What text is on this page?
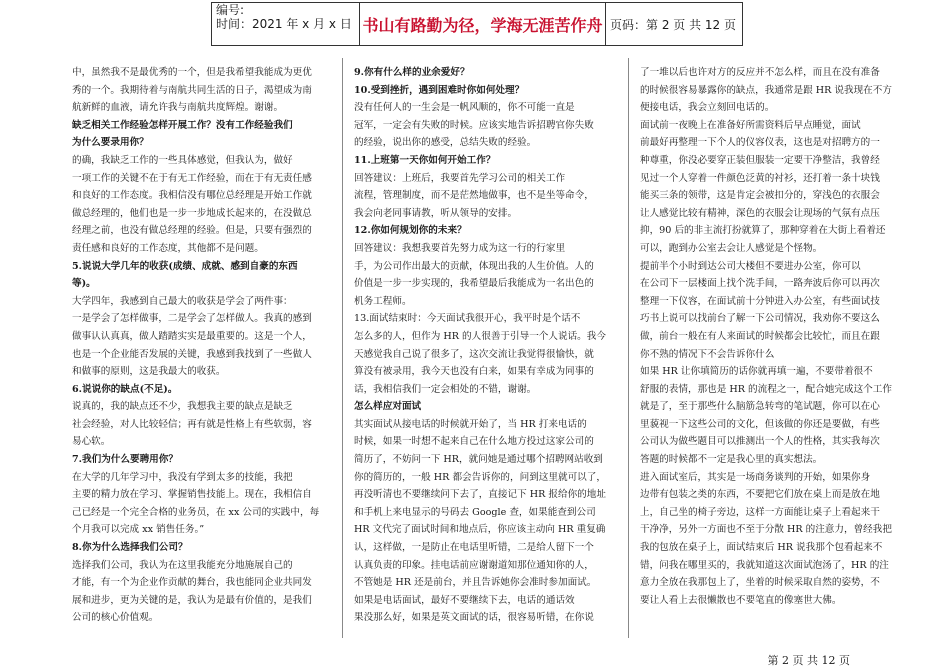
编号:
时间：2021 年 x 月 x 日 书山有路勤为径，学海无涯苦作舟 页码：第 2 页 共 12 页

中，虽然我不是最优秀的一个，但是我希望我能成为更优

秀的一个。我期待着与南航共同生活的日子，渴望成为南

航新鲜的血液，请允许我与南航共度辉煌。谢谢。

缺乏相关工作经验怎样开展工作？没有工作经验我们

为什么要录用你？

的确，我缺乏工作的一些具体感觉，但我认为，做好

一项工作的关键不在于有无工作经验，而在于有无责任感

和良好的工作态度。我相信没有哪位总经理是开始工作就

做总经理的，他们也是一步一步地成长起来的，在没做总

经理之前，也没有做总经理的经验。但是，只要有强烈的

责任感和良好的工作态度，其他都不是问题。

5.说说大学几年的收获(成绩、成就、感到自豪的东西

等)。

大学四年，我感到自己最大的收获是学会了两件事：

一是学会了怎样做事，二是学会了怎样做人。我真的感到

做事认认真真，做人踏踏实实是最重要的。这是一个人，

也是一个企业能否发展的关键，我感到我找到了一些做人

和做事的原则，这是我最大的收获。

6.说说你的缺点(不足)。

说真的，我的缺点还不少，我想我主要的缺点是缺乏

社会经验，对人比较轻信；再有就是性格上有些软弱，容

易心软。

7.我们为什么要聘用你？

在大学的几年学习中，我没有学到太多的技能，我把

主要的精力放在学习、掌握销售技能上。现在，我相信自

己已经是一个完全合格的业务员，在 xx 公司的实践中，每

个月我可以完成 xx 销售任务。”

8.你为什么选择我们公司？

选择我们公司，我认为在这里我能充分地施展自己的

才能，有一个为企业作贡献的舞台，我也能同企业共同发

展和进步，更为关键的是，我认为是最有价值的，是我们

公司的核心价值观。

9.你有什么样的业余爱好？

10.受到挫折，遇到困难时你如何处理？

没有任何人的一生会是一帆风顺的，你不可能一直是

冠军，一定会有失败的时候。应该实地告诉招聘官你失败

的经验，说出你的感受，总结失败的经验。

11.上班第一天你如何开始工作？

回答建议：上班后，我要首先学习公司的相关工作

流程，管理制度，而不是茫然地做事，也不是坐等命令，

我会向老同事请教，听从领导的安排。

12.你如何规划你的未来？

回答建议：我想我要首先努力成为这一行的行家里

手，为公司作出最大的贡献，体现出我的人生价值。人的

价值是一步一步实现的，我希望最后我能成为一名出色的

机务工程师。

13.面试结束时：今天面试我很开心，我平时是个话不

怎么多的人，但作为 HR 的人很善于引导一个人说话。我今

天感觉我自己说了很多了，这次交流让我觉得很愉快，就

算没有被录用，我今天也没有白来，如果有幸成为同事的

话，我相信我们一定会相处的不错，谢谢。

怎么样应对面试

其实面试从接电话的时候就开始了，当 HR 打来电话的

时候，如果一时想不起来自己在什么地方投过这家公司的

简历了，不妨问一下 HR，就问她是通过哪个招聘网站收到

你的简历的，一般 HR 都会告诉你的，问到这里就可以了，

再没听清也不要继续问下去了，直接记下 HR 报给你的地址

和手机上来电显示的号码去 Google 查，如果能查到公司

HR 文代完了面试时间和地点后，你应该主动向 HR 重复确

认，这样做，一是防止在电话里听错，二是给人留下一个

认真负责的印象。挂电话前应谢谢道知那位通知你的人，

不管她是 HR 还是前台，并且告诉她你会准时参加面试。

如果是电话面试，最好不要继续下去，电话的通话效

果没那么好，如果是英文面试的话，很容易听错，在你说

了一堆以后也许对方的反应并不怎么样，而且在没有准备

的时候很容易暴露你的缺点，我通常是跟 HR 说我现在不方

便接电话，我会立刻回电话的。

面试前一夜晚上在准备好所需资料后早点睡觉，面试

前最好再整理一下个人的仪容仪表，这也是对招聘方的一

种尊重，你没必要穿正装但服装一定要干净整洁，我曾经

见过一个人穿着一件颜色泛黄的衬衫，还打着一条十块钱

能买三条的领带，这是肯定会被扣分的，穿浅色的衣服会

让人感觉比较有精神，深色的衣服会让现场的气氛有点压

抑，90 后的非主流打扮就算了，那种穿着在大街上看着还

可以，跑到办公室去会让人感觉是个怪物。

提前半个小时到达公司大楼但不要进办公室，你可以

在公司下一层楼面上找个洗手间，一路奔波后你可以再次

整理一下仪容，在面试前十分钟进入办公室，有些面试技

巧书上说可以找前台了解一下公司情况，我劝你不要这么

做，前台一般在有人来面试的时候都会比较忙，而且在跟

你不熟的情况下不会告诉你什么

如果 HR 让你填简历的话你就再填一遍，不要带着很不

舒服的表情，那也是 HR 的流程之一，配合她完成这个工作

就是了，至于那些什么脑筋急转弯的笔试题，你可以在心

里藐视一下这些公司的文化，但该做的你还是要做，有些

公司认为做些题目可以推测出一个人的性格，其实我每次

答题的时候都不一定是我心里的真实想法。

进入面试室后，其实是一场商务谈判的开始，如果你身

边带有包装之类的东西，不要把它们放在桌上而是放在地

上，自己坐的椅子旁边，这样一方面能让桌子上看起来干

干净净，另外一方面也不至于分散 HR 的注意力，曾经我把

我的包放在桌子上，面试结束后 HR 说我那个包看起来不

错，问我在哪里买的，我就知道这次面试泡汤了，HR 的注

意力全放在我那包上了，坐着的时候采取自然的姿势，不

要让人看上去很懒散也不要笔直的像塞世大佛。

第 2 页 共 12 页
